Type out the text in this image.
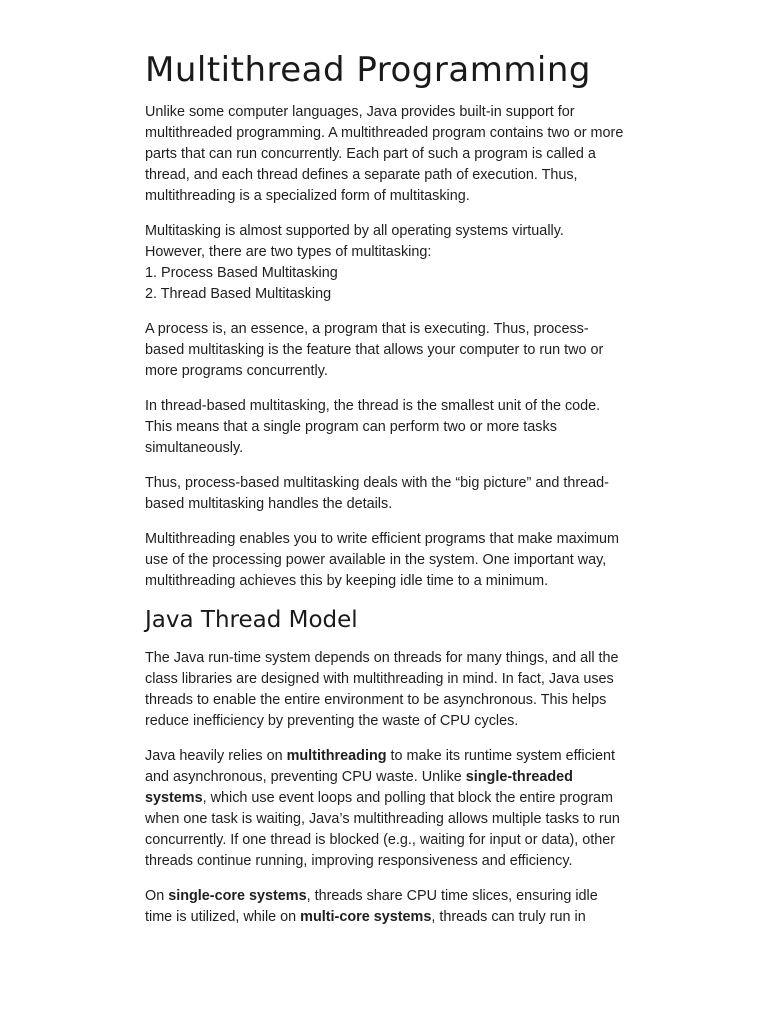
Multithread Programming

Unlike some computer languages, Java provides built-in support for multithreaded programming. A multithreaded program contains two or more parts that can run concurrently. Each part of such a program is called a thread, and each thread defines a separate path of execution. Thus, multithreading is a specialized form of multitasking.

Multitasking is almost supported by all operating systems virtually. However, there are two types of multitasking:
1. Process Based Multitasking
2. Thread Based Multitasking

A process is, an essence, a program that is executing. Thus, process-based multitasking is the feature that allows your computer to run two or more programs concurrently.

In thread-based multitasking, the thread is the smallest unit of the code. This means that a single program can perform two or more tasks simultaneously.

Thus, process-based multitasking deals with the “big picture” and thread-based multitasking handles the details.

Multithreading enables you to write efficient programs that make maximum use of the processing power available in the system. One important way, multithreading achieves this by keeping idle time to a minimum.

Java Thread Model

The Java run-time system depends on threads for many things, and all the class libraries are designed with multithreading in mind. In fact, Java uses threads to enable the entire environment to be asynchronous. This helps reduce inefficiency by preventing the waste of CPU cycles.

Java heavily relies on multithreading to make its runtime system efficient and asynchronous, preventing CPU waste. Unlike single-threaded systems, which use event loops and polling that block the entire program when one task is waiting, Java’s multithreading allows multiple tasks to run concurrently. If one thread is blocked (e.g., waiting for input or data), other threads continue running, improving responsiveness and efficiency.

On single-core systems, threads share CPU time slices, ensuring idle time is utilized, while on multi-core systems, threads can truly run in
